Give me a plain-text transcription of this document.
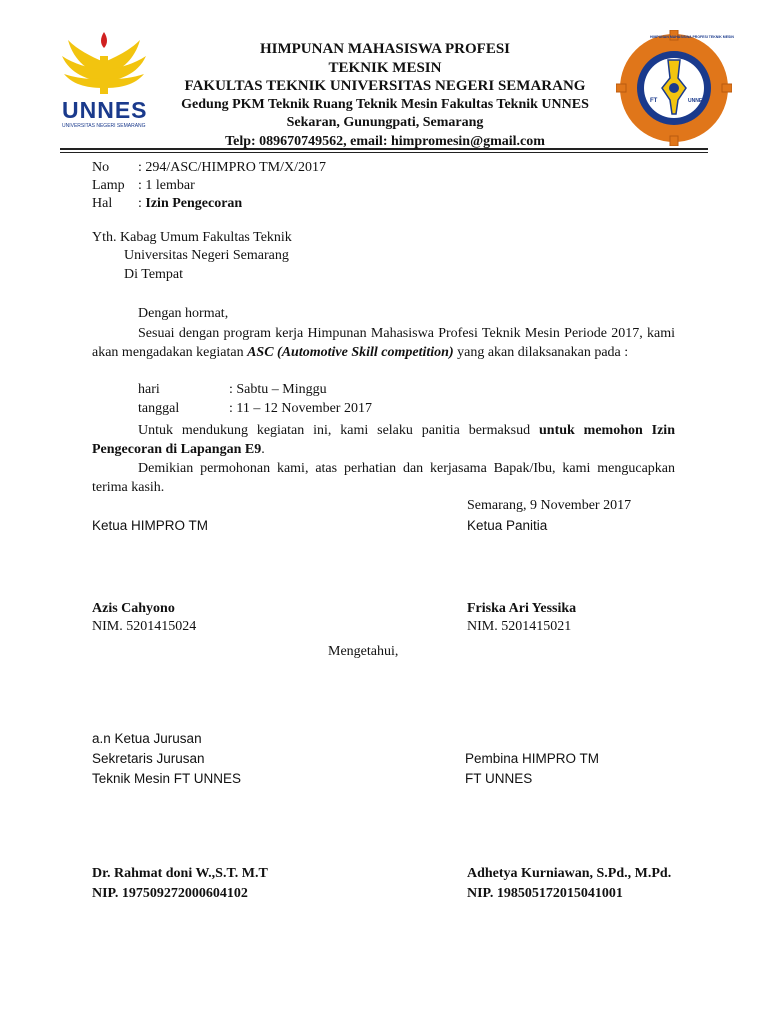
UNNES
UNIVERSITAS NEGERI SEMARANG
HIMPUNAN MAHASISWA PROFESI TEKNIK MESIN
FT	UNNES
HIMPUNAN MAHASISWA PROFESI
TEKNIK MESIN
FAKULTAS TEKNIK UNIVERSITAS NEGERI SEMARANG
Gedung PKM Teknik Ruang Teknik Mesin Fakultas Teknik UNNES
Sekaran, Gunungpati, Semarang
Telp: 089670749562, email: himpromesin@gmail.com
No : 294/ASC/HIMPRO TM/X/2017
Lamp : 1 lembar
Hal : Izin Pengecoran
Yth. Kabag Umum Fakultas Teknik
Universitas Negeri Semarang
Di Tempat
Dengan hormat,
Sesuai dengan program kerja Himpunan Mahasiswa Profesi Teknik Mesin Periode 2017, kami akan mengadakan kegiatan ASC (Automotive Skill competition) yang akan dilaksanakan pada :
hari	: Sabtu – Minggu
tanggal	: 11 – 12 November 2017
Untuk mendukung kegiatan ini, kami selaku panitia bermaksud untuk memohon Izin Pengecoran di Lapangan E9.
Demikian permohonan kami, atas perhatian dan kerjasama Bapak/Ibu, kami mengucapkan terima kasih.
Semarang, 9 November 2017
Ketua HIMPRO TM	Ketua Panitia
Azis Cahyono
NIM. 5201415024
Friska Ari Yessika
NIM. 5201415021
Mengetahui,
a.n Ketua Jurusan
Sekretaris Jurusan
Teknik Mesin FT UNNES
Pembina HIMPRO TM
FT UNNES
Dr. Rahmat doni W.,S.T. M.T
NIP. 197509272000604102
Adhetya Kurniawan, S.Pd., M.Pd.
NIP. 198505172015041001
